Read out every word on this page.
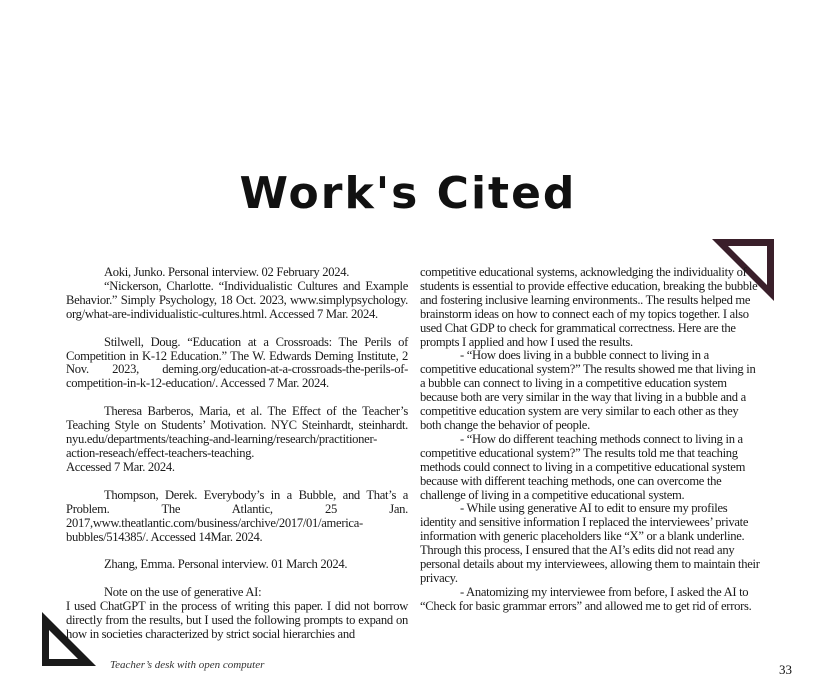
Work's Cited

Aoki, Junko. Personal interview. 02 February 2024.

“Nickerson, Charlotte. “Individualistic Cultures and Example Behavior.” Simply Psychology, 18 Oct. 2023, www.simplypsychology. org/what-are-individualistic-cultures.html. Accessed 7 Mar. 2024.

Stilwell, Doug. “Education at a Crossroads: The Perils of Competition in K-12 Education.” The W. Edwards Deming Institute, 2 Nov. 2023, deming.org/education-at-a-crossroads-the-perils-of-competition-in-k-12-education/. Accessed 7 Mar. 2024.

Theresa Barberos, Maria, et al. The Effect of the Teacher’s Teaching Style on Students’ Motivation. NYC Steinhardt, steinhardt. nyu.edu/departments/teaching-and-learning/research/practitioner-action-reseach/effect-teachers-teaching.

Accessed 7 Mar. 2024.

Thompson, Derek. Everybody’s in a Bubble, and That’s a Problem. The Atlantic, 25 Jan. 2017,www.theatlantic.com/business/archive/2017/01/america-bubbles/514385/. Accessed 14Mar. 2024.

Zhang, Emma. Personal interview. 01 March 2024.

Note on the use of generative AI:

I used ChatGPT in the process of writing this paper. I did not borrow directly from the results, but I used the following prompts to expand on how in societies characterized by strict social hierarchies and

competitive educational systems, acknowledging the individuality of students is essential to provide effective education, breaking the bubble and fostering inclusive learning environments.. The results helped me brainstorm ideas on how to connect each of my topics together. I also used Chat GDP to check for grammatical correctness. Here are the prompts I applied and how I used the results.

- “How does living in a bubble connect to living in a competitive educational system?” The results showed me that living in a bubble can connect to living in a competitive education system because both are very similar in the way that living in a bubble and a competitive education system are very similar to each other as they both change the behavior of people.

- “How do different teaching methods connect to living in a competitive educational system?” The results told me that teaching methods could connect to living in a competitive educational system because with different teaching methods, one can overcome the challenge of living in a competitive educational system.

- While using generative AI to edit to ensure my profiles identity and sensitive information I replaced the interviewees’ private information with generic placeholders like “X” or a blank underline. Through this process, I ensured that the AI’s edits did not read any personal details about my interviewees, allowing them to maintain their privacy.

- Anatomizing my interviewee from before, I asked the AI to “Check for basic grammar errors” and allowed me to get rid of errors.

Teacher’s desk with open computer	33
